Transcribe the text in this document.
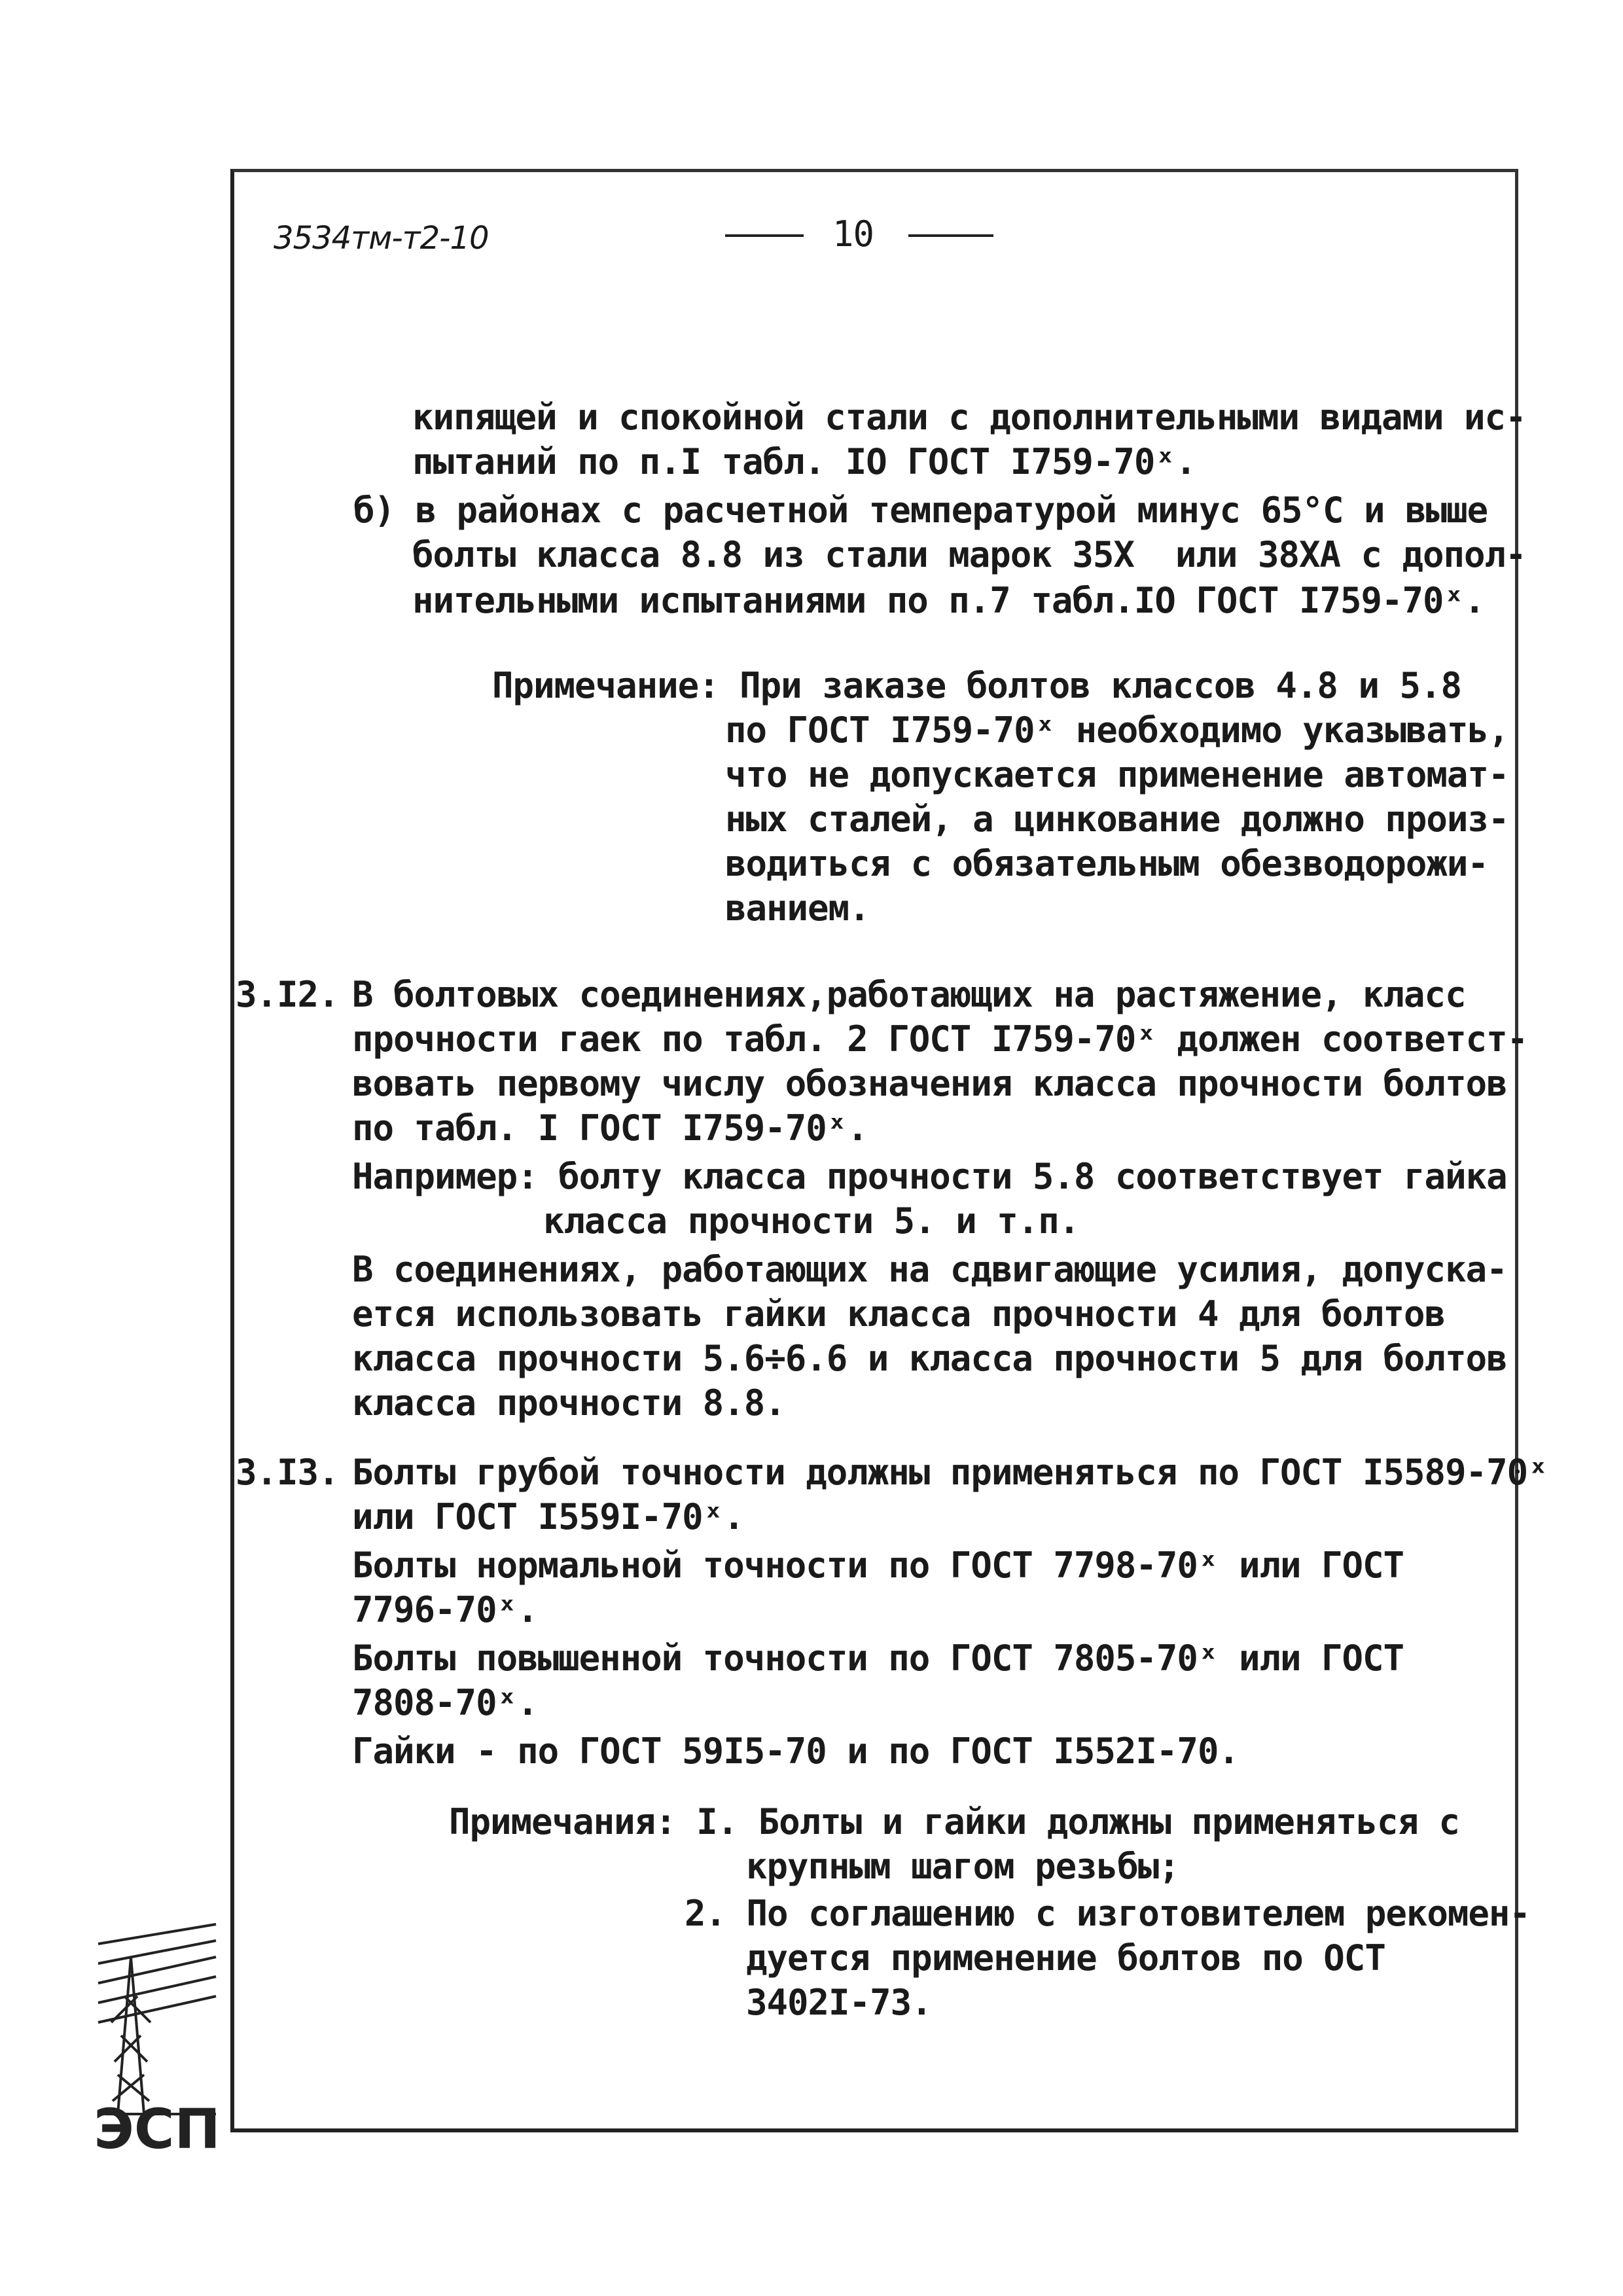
3534тм-т2-10	10
кипящей и спокойной стали с дополнительными видами ис-
пытаний по п.I табл. IO ГОСТ I759-70ˣ.
б) в районах с расчетной температурой минус 65°С и выше
болты класса 8.8 из стали марок 35Х  или 38ХА с допол-
нительными испытаниями по п.7 табл.IO ГОСТ I759-70ˣ.
Примечание: При заказе болтов классов 4.8 и 5.8
по ГОСТ I759-70ˣ необходимо указывать,
что не допускается применение автомат-
ных сталей, а цинкование должно произ-
водиться с обязательным обезводорожи-
ванием.
3.I2. В болтовых соединениях,работающих на растяжение, класс
прочности гаек по табл. 2 ГОСТ I759-70ˣ должен соответст-
вовать первому числу обозначения класса прочности болтов
по табл. I ГОСТ I759-70ˣ.
Например: болту класса прочности 5.8 соответствует гайка
класса прочности 5. и т.п.
В соединениях, работающих на сдвигающие усилия, допуска-
ется использовать гайки класса прочности 4 для болтов
класса прочности 5.6÷6.6 и класса прочности 5 для болтов
класса прочности 8.8.
3.I3. Болты грубой точности должны применяться по ГОСТ I5589-70ˣ
или ГОСТ I559I-70ˣ.
Болты нормальной точности по ГОСТ 7798-70ˣ или ГОСТ
7796-70ˣ.
Болты повышенной точности по ГОСТ 7805-70ˣ или ГОСТ
7808-70ˣ.
Гайки - по ГОСТ 59I5-70 и по ГОСТ I552I-70.
Примечания: I. Болты и гайки должны применяться с
крупным шагом резьбы;
2. По соглашению с изготовителем рекомен-
дуется применение болтов по ОСТ
3402I-73.
ЭСП
